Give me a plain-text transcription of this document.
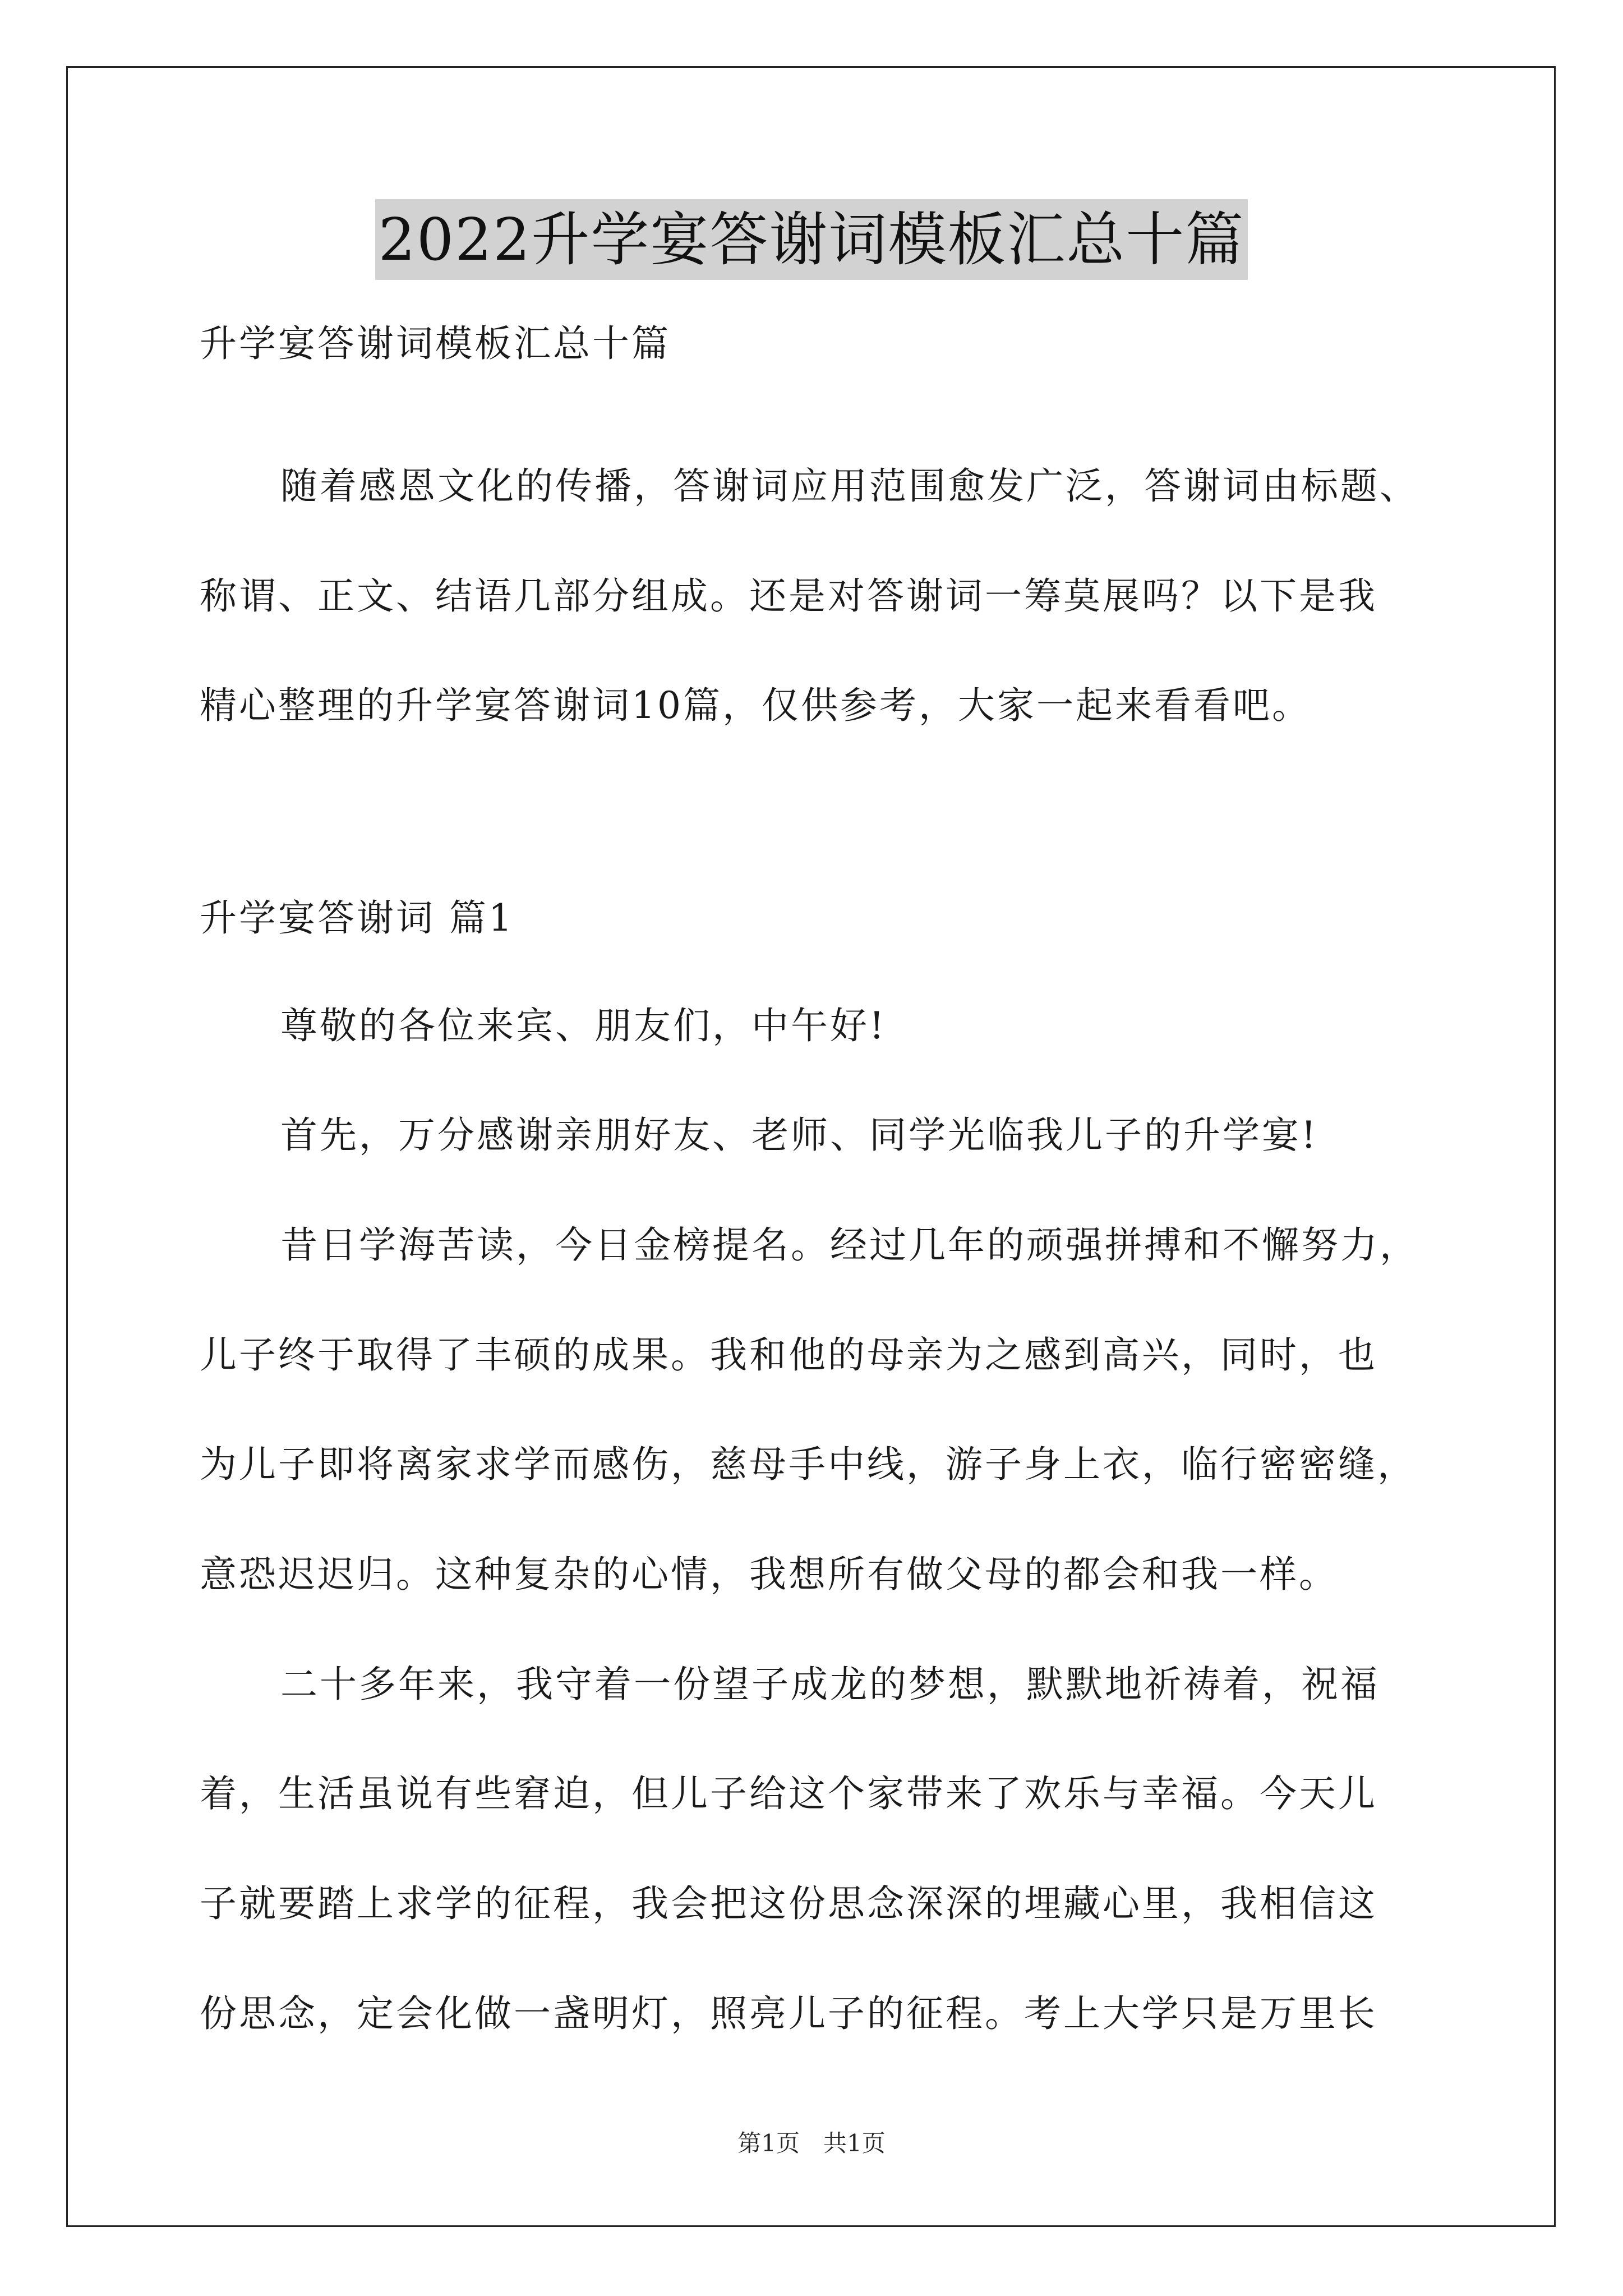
2022升学宴答谢词模板汇总十篇
升学宴答谢词模板汇总十篇
随着感恩文化的传播，答谢词应用范围愈发广泛，答谢词由标题、
称谓、正文、结语几部分组成。还是对答谢词一筹莫展吗？以下是我
精心整理的升学宴答谢词10篇，仅供参考，大家一起来看看吧。
升学宴答谢词 篇1
尊敬的各位来宾、朋友们，中午好!
首先，万分感谢亲朋好友、老师、同学光临我儿子的升学宴!
昔日学海苦读，今日金榜提名。经过几年的顽强拼搏和不懈努力，
儿子终于取得了丰硕的成果。我和他的母亲为之感到高兴，同时，也
为儿子即将离家求学而感伤，慈母手中线，游子身上衣，临行密密缝，
意恐迟迟归。这种复杂的心情，我想所有做父母的都会和我一样。
二十多年来，我守着一份望子成龙的梦想，默默地祈祷着，祝福
着，生活虽说有些窘迫，但儿子给这个家带来了欢乐与幸福。今天儿
子就要踏上求学的征程，我会把这份思念深深的埋藏心里，我相信这
份思念，定会化做一盏明灯，照亮儿子的征程。考上大学只是万里长
第1页　共1页
